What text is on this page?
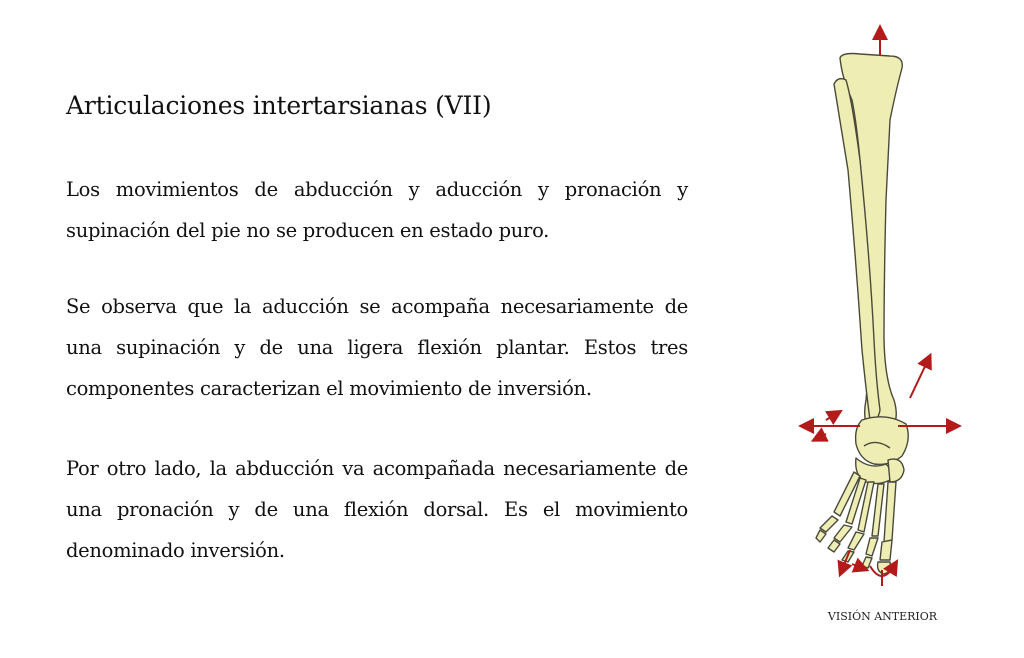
Articulaciones intertarsianas (VII)

Los movimientos de abducción y aducción y pronación y supinación del pie no se producen en estado puro.

Se observa que la aducción se acompaña necesariamente de una supinación y de una ligera flexión plantar. Estos tres componentes caracterizan el movimiento de inversión.

Por otro lado, la abducción va acompañada necesariamente de una pronación y de una flexión dorsal. Es el movimiento denominado inversión.

VISIÓN ANTERIOR
